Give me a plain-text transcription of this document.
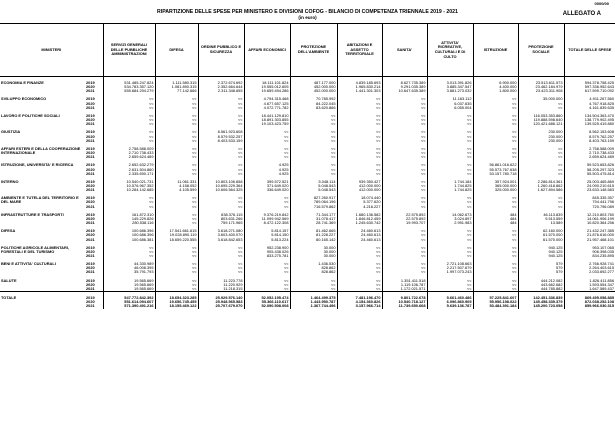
0000/00
RIPARTIZIONE DELLE SPESE PER MINISTERO E DIVISIONI COFOG - BILANCIO DI COMPETENZA TRIENNALE 2019 - 2021
(in euro)
ALLEGATO A
MINISTERI		SERVIZI GENERALI DELLE PUBBLICHE AMMINISTRAZIONI	DIFESA	ORDINE PUBBLICO E SICUREZZA	AFFARI ECONOMICI	PROTEZIONE DELL'AMBIENTE	ABITAZIONI E ASSETTO TERRITORIALE	SANITA'	ATTIVITA' RICREATIVE, CULTURALI E DI CULTO	ISTRUZIONE	PROTEZIONE SOCIALE	TOTALE DELLE SPESE
ECONOMIA E FINANZE	2019	531.485.247.824	1.111.580.315	2.372.674.692	18.111.101.824	487.177.000	4.839.185.693	8.627.735.389	3.013.391.826	6.900.000	23.513.611.573	594.378.758.425
	2020	534.783.357.120	1.081.890.315	2.352.664.644	19.555.012.605	452.000.000	1.965.830.214	9.291.035.389	3.885.347.547	4.400.000	23.462.184.979	597.336.952.643
	2021	555.684.294.279	77.142.666	2.311.348.655	19.659.494.286	452.000.000	1.441.301.303	10.647.635.389	3.881.273.032	1.800.000	23.423.311.908	617.599.710.092
SVILUPPO ECONOMICO	2019	<<	<<	<<	4.794.315.468	70.785.992	<<	<<	11.163.112	<<	35.000.000	4.911.267.560
	2020	<<	<<	<<	4.677.657.125	84.222.045	<<	<<	6.037.635	<<	<<	4.767.918.825
	2021	<<	<<	<<	4.072.771.782	83.620.866	<<	<<	6.055.004	<<	<<	4.161.839.635
LAVORO E POLITICHE SOCIALI	2019	<<	<<	<<	18.441.129.810	<<	<<	<<	<<	<<	116.053.353.860	134.504.363.470
	2020	<<	<<	<<	18.891.303.855	<<	<<	<<	<<	<<	119.888.598.640	138.779.902.495
	2021	<<	<<	<<	19.103.423.759	<<	<<	<<	<<	<<	120.421.686.121	139.525.419.880
GIUSTIZIA	2019	<<	<<	8.561.923.608	<<	<<	<<	<<	<<	<<	230.000	8.562.153.608
	2020	<<	<<	8.579.532.257	<<	<<	<<	<<	<<	<<	230.000	8.579.762.257
	2021	<<	<<	8.403.533.159	<<	<<	<<	<<	<<	<<	230.000	8.403.763.159
AFFARI ESTERI E DELLA COOPERAZIONE INTERNAZIONALE	2019	2.758.588.009	<<	<<	<<	<<	<<	<<	<<	<<	<<	2.758.588.009
	2020	2.710.738.433	<<	<<	<<	<<	<<	<<	<<	<<	<<	2.710.738.433
	2021	2.659.624.489	<<	<<	<<	<<	<<	<<	<<	<<	<<	2.659.624.489
ISTRUZIONE, UNIVERSITA' E RICERCA	2019	2.652.632.279	<<	<<	4.925	<<	<<	<<	<<	56.861.016.622	<<	59.523.653.826
	2020	2.631.504.860	<<	<<	4.925	<<	<<	<<	<<	55.573.767.638	<<	58.205.297.323
	2021	2.335.690.171	<<	<<	4.925	<<	<<	<<	<<	53.157.780.718	<<	55.503.475.814
INTERNO	2019	10.540.021.731	11.061.331	10.803.106.658	399.572.521	5.048.114	939.350.427	<<	1.744.184	357.924.001	2.286.814.361	25.003.465.869
	2020	10.576.967.352	4.158.052	10.695.229.364	371.649.020	5.048.543	412.000.000	<<	1.744.825	365.000.000	1.260.418.862	24.090.210.615
	2021	10.284.142.685	4.105.599	10.606.564.325	336.649.020	5.048.543	412.000.000	<<	1.744.825	325.000.000	1.627.894.586	23.633.148.583
AMBIENTE E TUTELA DEL TERRITORIO E DEL MARE	2019	<<	<<	<<	<<	827.260.917	18.074.440	<<	<<	<<	<<	845.335.357
	2020	<<	<<	<<	<<	789.064.196	5.377.620	<<	<<	<<	<<	794.441.796
	2021	<<	<<	<<	<<	716.579.862	4.216.227	<<	<<	<<	<<	720.796.089
INFRASTRUTTURE E TRASPORTI	2019	161.872.310	<<	838.376.115	9.376.219.842	71.344.177	1.680.136.582	22.575.892	14.062.673	484	46.113.839	12.210.803.760
	2020	145.229.826	<<	803.631.266	11.099.942.569	31.078.417	1.846.812.459	22.575.892	3.024.897	484	9.513.559	14.061.906.199
	2021	280.538.116	<<	759.171.965	8.472.122.308	28.741.369	1.245.630.742	19.993.707	2.991.983	484	13.589	10.820.364.256
DIFESA	2019	100.686.396	17.541.661.615	3.618.271.080	5.814.157	81.462.665	24.460.613	<<	<<	<<	62.160.000	21.432.247.385
	2020	100.686.396	19.028.890.119	3.603.400.070	5.814.150	81.228.227	24.460.613	<<	<<	<<	61.570.000	21.876.616.000
	2021	100.686.381	18.659.220.555	3.618.842.653	5.813.224	80.165.142	24.460.613	<<	<<	<<	61.570.000	21.957.468.101
POLITICHE AGRICOLE ALIMENTARI, FORESTALI E DEL TURISMO	2019	<<	<<	<<	952.238.900	30.000	<<	<<	<<	<<	940.125	953.107.065
	2020	<<	<<	<<	905.438.026	30.000	<<	<<	<<	<<	940.125	906.398.035
	2021	<<	<<	<<	833.275.781	30.000	<<	<<	<<	<<	940.125	834.235.895
BENI E ATTIVITA' CULTURALI	2019	44.330.989	<<	<<	<<	1.436.530	<<	<<	2.721.108.663	<<	579	2.766.928.741
	2020	46.008.395	<<	<<	<<	828.862	<<	<<	2.217.507.679	<<	579	2.264.403.615
	2021	35.791.793	<<	<<	<<	828.862	<<	<<	1.997.073.243	<<	579	2.033.692.277
SALUTE	2019	19.565.669	<<	11.223.778	<<	<<	<<	1.351.411.518	<<	<<	444.212.082	1.826.411.856
	2020	19.565.669	<<	11.220.929	<<	<<	<<	1.119.106.787	<<	<<	443.662.682	1.593.554.347
	2021	19.565.669	<<	11.218.315	<<	<<	<<	1.172.021.571	<<	<<	444.785.882	1.647.589.437
TOTALE	2019	547.772.842.392	18.654.323.285	25.929.576.140	52.052.195.474	1.464.499.375	7.481.196.470	9.801.722.678	5.661.460.486	57.225.841.607	142.451.336.839	869.495.058.885
	2020	551.614.094.607	19.656.745.455	25.948.565.583	55.366.110.617	1.443.950.787	4.154.360.826	10.540.718.127	6.096.860.905	55.956.198.022	145.458.339.379	872.038.252.108
	2021	571.390.491.216	18.155.469.122	25.707.679.070	52.090.508.008	1.367.744.496	3.157.966.714	11.739.650.668	5.639.136.787	53.484.391.184	145.200.723.058	859.966.030.315
